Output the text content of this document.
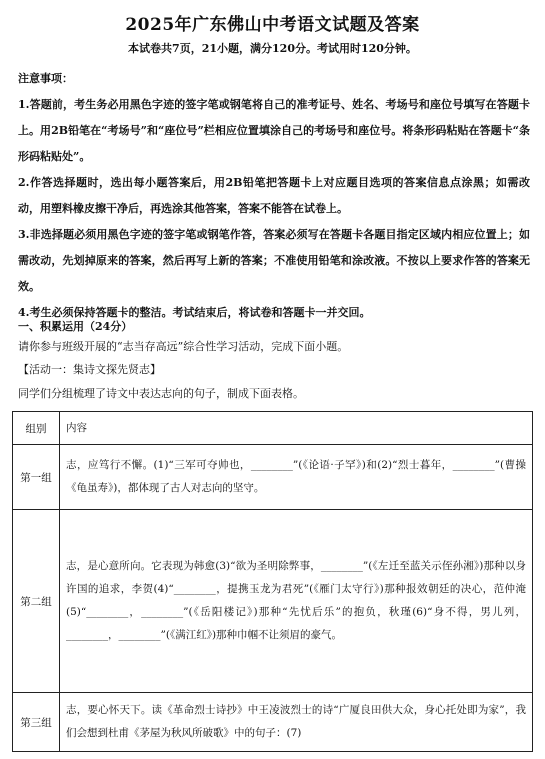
2025年广东佛山中考语文试题及答案
本试卷共7页，21小题，满分120分。考试用时120分钟。
注意事项：
1.答题前，考生务必用黑色字迹的签字笔或钢笔将自己的准考证号、姓名、考场号和座位号填写在答题卡上。用2B铅笔在“考场号”和“座位号”栏相应位置填涂自己的考场号和座位号。将条形码粘贴在答题卡“条形码粘贴处”。
2.作答选择题时，选出每小题答案后，用2B铅笔把答题卡上对应题目选项的答案信息点涂黑；如需改动，用塑料橡皮擦干净后，再选涂其他答案，答案不能答在试卷上。
3.非选择题必须用黑色字迹的签字笔或钢笔作答，答案必须写在答题卡各题目指定区域内相应位置上；如需改动，先划掉原来的答案，然后再写上新的答案；不准使用铅笔和涂改液。不按以上要求作答的答案无效。
4.考生必须保持答题卡的整洁。考试结束后，将试卷和答题卡一并交回。
一、积累运用（24分）
请你参与班级开展的“志当存高远”综合性学习活动，完成下面小题。
【活动一：集诗文探先贤志】
同学们分组梳理了诗文中表达志向的句子，制成下面表格。
组别	内容
第一组	志，应笃行不懈。(1)“三军可夺帅也，________”(《论语·子罕》)和(2)“烈士暮年，________”(曹操《龟虽寿》)，都体现了古人对志向的坚守。
第二组	志，是心意所向。它表现为韩愈(3)“欲为圣明除弊事，________”(《左迁至蓝关示侄孙湘》)那种以身许国的追求，李贺(4)“________，提携玉龙为君死”(《雁门太守行》)那种报效朝廷的决心，范仲淹(5)“________，________”(《岳阳楼记》)那种“先忧后乐”的抱负，秋瑾(6)“身不得，男儿列，________，________”(《满江红》)那种巾帼不让须眉的豪气。
第三组	志，要心怀天下。读《革命烈士诗抄》中王凌波烈士的诗“广厦良田供大众，身心托处即为家”，我们会想到杜甫《茅屋为秋风所破歌》中的句子：(7)
